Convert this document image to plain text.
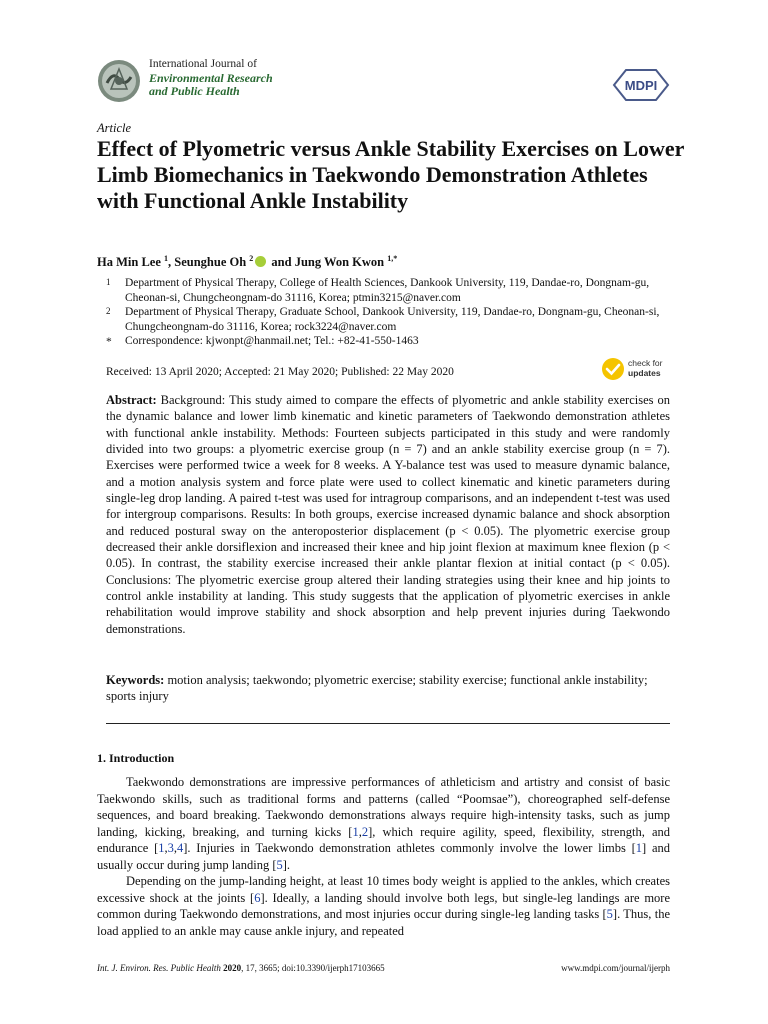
International Journal of
Environmental Research
and Public Health	MDPI
Article
Effect of Plyometric versus Ankle Stability Exercises on Lower Limb Biomechanics in Taekwondo Demonstration Athletes with Functional Ankle Instability
Ha Min Lee $^1$, Seunghue Oh $^2$ and Jung Won Kwon $^{1,*}$
1 Department of Physical Therapy, College of Health Sciences, Dankook University, 119, Dandae-ro, Dongnam-gu, Cheonan-si, Chungcheongnam-do 31116, Korea; ptmin3215@naver.com
2 Department of Physical Therapy, Graduate School, Dankook University, 119, Dandae-ro, Dongnam-gu, Cheonan-si, Chungcheongnam-do 31116, Korea; rock3224@naver.com
* Correspondence: kjwonpt@hanmail.net; Tel.: +82-41-550-1463
Received: 13 April 2020; Accepted: 21 May 2020; Published: 22 May 2020
check for
updates
Abstract: Background: This study aimed to compare the effects of plyometric and ankle stability exercises on the dynamic balance and lower limb kinematic and kinetic parameters of Taekwondo demonstration athletes with functional ankle instability. Methods: Fourteen subjects participated in this study and were randomly divided into two groups: a plyometric exercise group (n = 7) and an ankle stability exercise group (n = 7). Exercises were performed twice a week for 8 weeks. A Y-balance test was used to measure dynamic balance, and a motion analysis system and force plate were used to collect kinematic and kinetic parameters during single-leg drop landing. A paired t-test was used for intragroup comparisons, and an independent t-test was used for intergroup comparisons. Results: In both groups, exercise increased dynamic balance and shock absorption and reduced postural sway on the anteroposterior displacement (p < 0.05). The plyometric exercise group decreased their ankle dorsiflexion and increased their knee and hip joint flexion at maximum knee flexion (p < 0.05). In contrast, the stability exercise increased their ankle plantar flexion at initial contact (p < 0.05). Conclusions: The plyometric exercise group altered their landing strategies using their knee and hip joints to control ankle instability at landing. This study suggests that the application of plyometric exercises in ankle rehabilitation would improve stability and shock absorption and help prevent injuries during Taekwondo demonstrations.
Keywords: motion analysis; taekwondo; plyometric exercise; stability exercise; functional ankle instability; sports injury
1. Introduction
Taekwondo demonstrations are impressive performances of athleticism and artistry and consist of basic Taekwondo skills, such as traditional forms and patterns (called “Poomsae”), choreographed self-defense sequences, and board breaking. Taekwondo demonstrations always require high-intensity tasks, such as jump landing, kicking, breaking, and turning kicks [1,2], which require agility, speed, flexibility, strength, and endurance [1,3,4]. Injuries in Taekwondo demonstration athletes commonly involve the lower limbs [1] and usually occur during jump landing [5].
Depending on the jump-landing height, at least 10 times body weight is applied to the ankles, which creates excessive shock at the joints [6]. Ideally, a landing should involve both legs, but single-leg landings are more common during Taekwondo demonstrations, and most injuries occur during single-leg landing tasks [5]. Thus, the load applied to an ankle may cause ankle injury, and repeated
Int. J. Environ. Res. Public Health 2020, 17, 3665; doi:10.3390/ijerph17103665	www.mdpi.com/journal/ijerph
